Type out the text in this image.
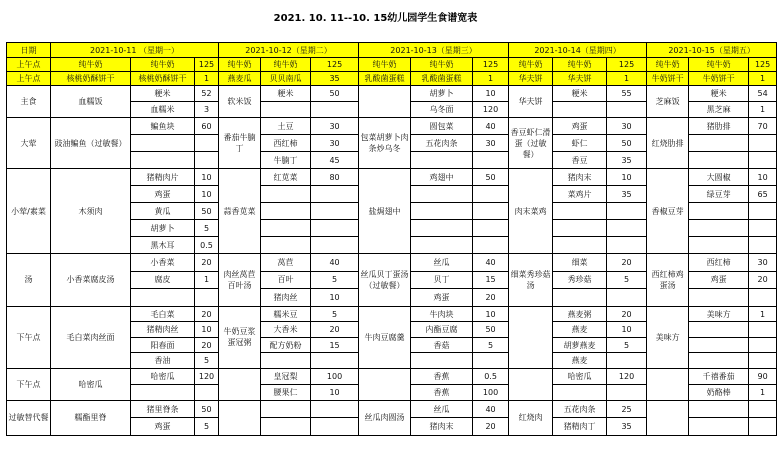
2021. 10. 11--10. 15幼儿园学生食谱宽表
日期	2021-10-11 （星期一）			2021-10-12（星期二）			2021-10-13（星期三）			2021-10-14（星期四）			2021-10-15（星期五）		
上午点	纯牛奶	纯牛奶	125	纯牛奶	纯牛奶	125	纯牛奶	纯牛奶	125	纯牛奶	纯牛奶	125	纯牛奶	纯牛奶	125
上午点	核桃奶酥饼干	核桃奶酥饼干	1	燕麦瓜	贝贝南瓜	35	乳酸菌蛋糕	乳酸菌蛋糕	1	华夫饼	华夫饼	1	牛奶饼干	牛奶饼干	1
主食	血糯饭	粳米	52	软米饭	粳米	50		胡萝卜	10	华夫饼	粳米	55	芝麻饭	粳米	54
		血糯米	3					乌冬面	120					黑芝麻	1
大荤	豉油鳊鱼（过敏餐）	鳊鱼块	60	番茄牛腩丁	土豆	30	包菜胡萝卜肉条炒乌冬	圆包菜	40	香豆虾仁滑蛋（过敏餐）	鸡蛋	30	红烧肋排	猪肋排	70
					西红柿	30		五花肉条	30		虾仁	50			
					牛腩丁	45					香豆	35			
小荤/素菜	木须肉	猪精肉片	10	蒜香苋菜	红苋菜	80	盐焗翅中	鸡翅中	50	肉末菜鸡	猪肉末	10	香椒豆芽	大圆椒	10
		鸡蛋	10								菜鸡片	35		绿豆芽	65
		黄瓜	50												
		胡萝卜	5												
		黑木耳	0.5												
汤	小香菜腐皮汤	小香菜	20	肉丝莴苣百叶汤	莴苣	40	丝瓜贝丁蛋汤（过敏餐）	丝瓜	40	细菜秀珍菇汤	细菜	20	西红柿鸡蛋汤	西红柿	30
		腐皮	1		百叶	5		贝丁	15		秀珍菇	5		鸡蛋	20
					猪肉丝	10		鸡蛋	20						
下午点	毛白菜肉丝面	毛白菜	20	牛奶豆浆蛋冠粥	糯米豆	5	牛肉豆腐羹	牛肉块	10		燕麦粥	20	美味方	美味方	1
		猪精肉丝	10		大香米	20		内酯豆腐	50		燕麦	10			
		阳春面	20		配方奶粉	15		香菇	5		胡萝燕麦	5			
		香油	5								燕麦				
下午点	哈密瓜	哈密瓜	120		皇冠梨	100		香蕉	0.5		哈密瓜	120		千禧番茄	90
					腰果仁	10		香蕉	100					奶酪棒	1
过敏替代餐	糯酯里脊	猪里脊条	50				丝瓜肉圆汤	丝瓜	40	红烧肉	五花肉条	25			
		鸡蛋	5					猪肉末	20		猪精肉丁	35			
